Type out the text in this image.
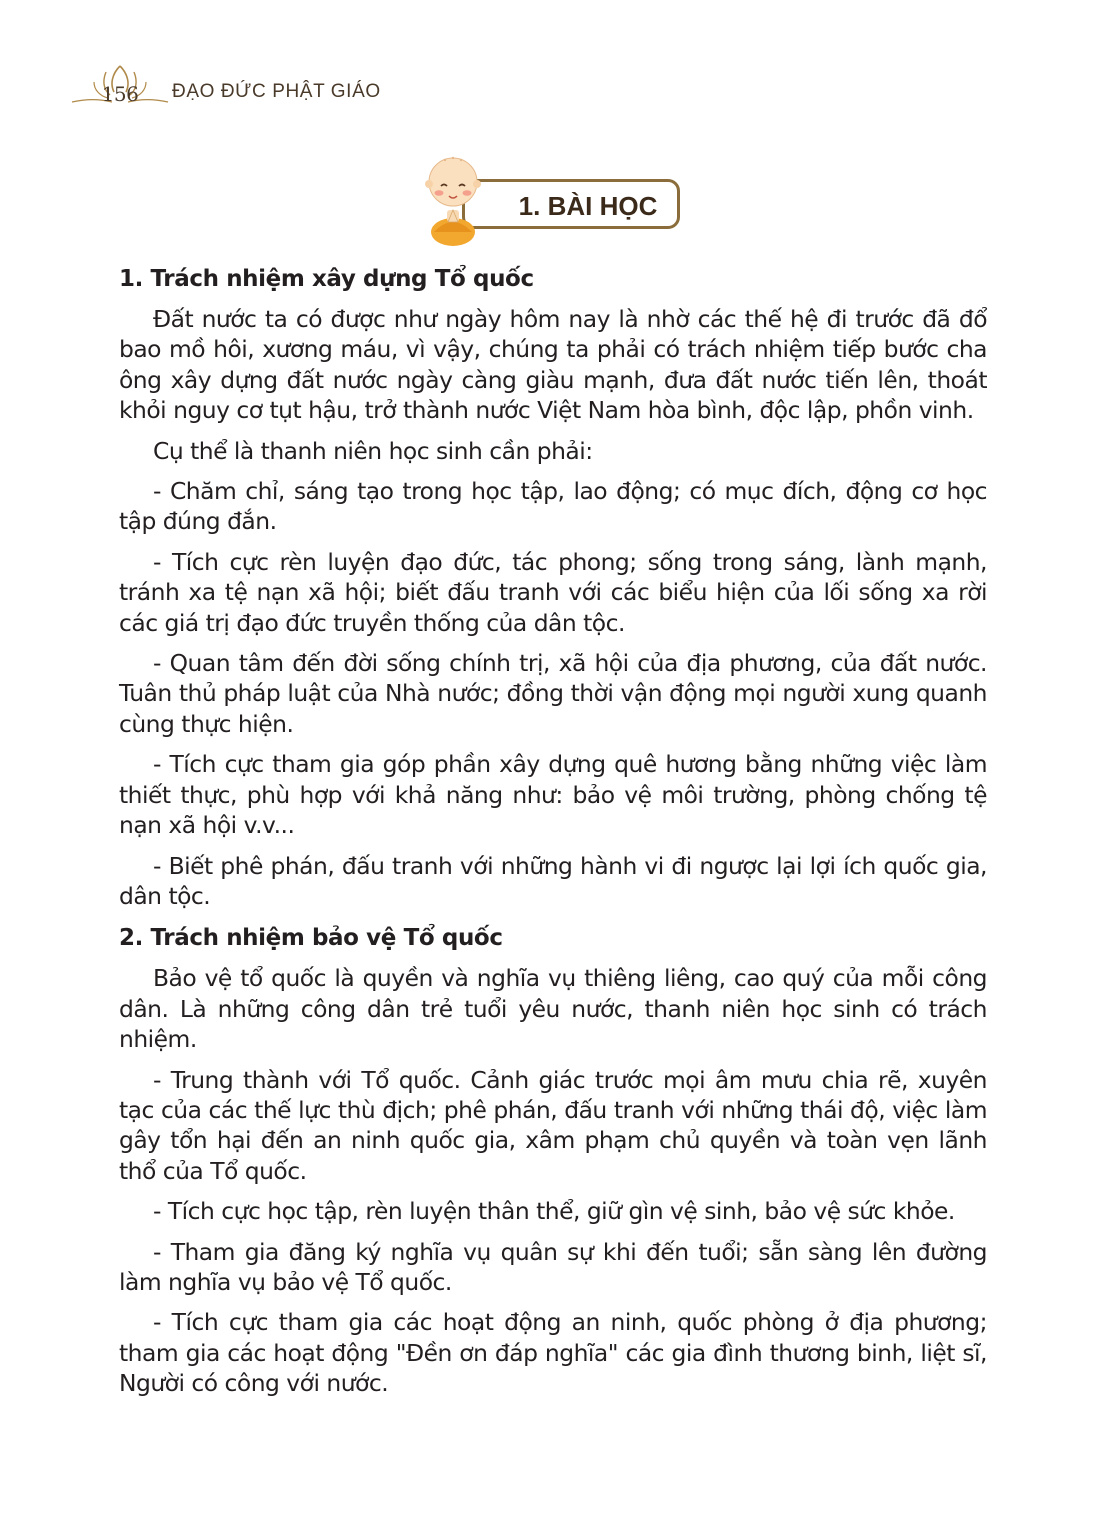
156 ĐẠO ĐỨC PHẬT GIÁO
1. BÀI HỌC
1. Trách nhiệm xây dựng Tổ quốc

Đất nước ta có được như ngày hôm nay là nhờ các thế hệ đi trước đã đổ bao mồ hôi, xương máu, vì vậy, chúng ta phải có trách nhiệm tiếp bước cha ông xây dựng đất nước ngày càng giàu mạnh, đưa đất nước tiến lên, thoát khỏi nguy cơ tụt hậu, trở thành nước Việt Nam hòa bình, độc lập, phồn vinh.

Cụ thể là thanh niên học sinh cần phải:

- Chăm chỉ, sáng tạo trong học tập, lao động; có mục đích, động cơ học tập đúng đắn.

- Tích cực rèn luyện đạo đức, tác phong; sống trong sáng, lành mạnh, tránh xa tệ nạn xã hội; biết đấu tranh với các biểu hiện của lối sống xa rời các giá trị đạo đức truyền thống của dân tộc.

- Quan tâm đến đời sống chính trị, xã hội của địa phương, của đất nước. Tuân thủ pháp luật của Nhà nước; đồng thời vận động mọi người xung quanh cùng thực hiện.

- Tích cực tham gia góp phần xây dựng quê hương bằng những việc làm thiết thực, phù hợp với khả năng như: bảo vệ môi trường, phòng chống tệ nạn xã hội v.v...

- Biết phê phán, đấu tranh với những hành vi đi ngược lại lợi ích quốc gia, dân tộc.

2. Trách nhiệm bảo vệ Tổ quốc

Bảo vệ tổ quốc là quyền và nghĩa vụ thiêng liêng, cao quý của mỗi công dân. Là những công dân trẻ tuổi yêu nước, thanh niên học sinh có trách nhiệm.

- Trung thành với Tổ quốc. Cảnh giác trước mọi âm mưu chia rẽ, xuyên tạc của các thế lực thù địch; phê phán, đấu tranh với những thái độ, việc làm gây tổn hại đến an ninh quốc gia, xâm phạm chủ quyền và toàn vẹn lãnh thổ của Tổ quốc.

- Tích cực học tập, rèn luyện thân thể, giữ gìn vệ sinh, bảo vệ sức khỏe.

- Tham gia đăng ký nghĩa vụ quân sự khi đến tuổi; sẵn sàng lên đường làm nghĩa vụ bảo vệ Tổ quốc.

- Tích cực tham gia các hoạt động an ninh, quốc phòng ở địa phương; tham gia các hoạt động "Đền ơn đáp nghĩa" các gia đình thương binh, liệt sĩ, Người có công với nước.
